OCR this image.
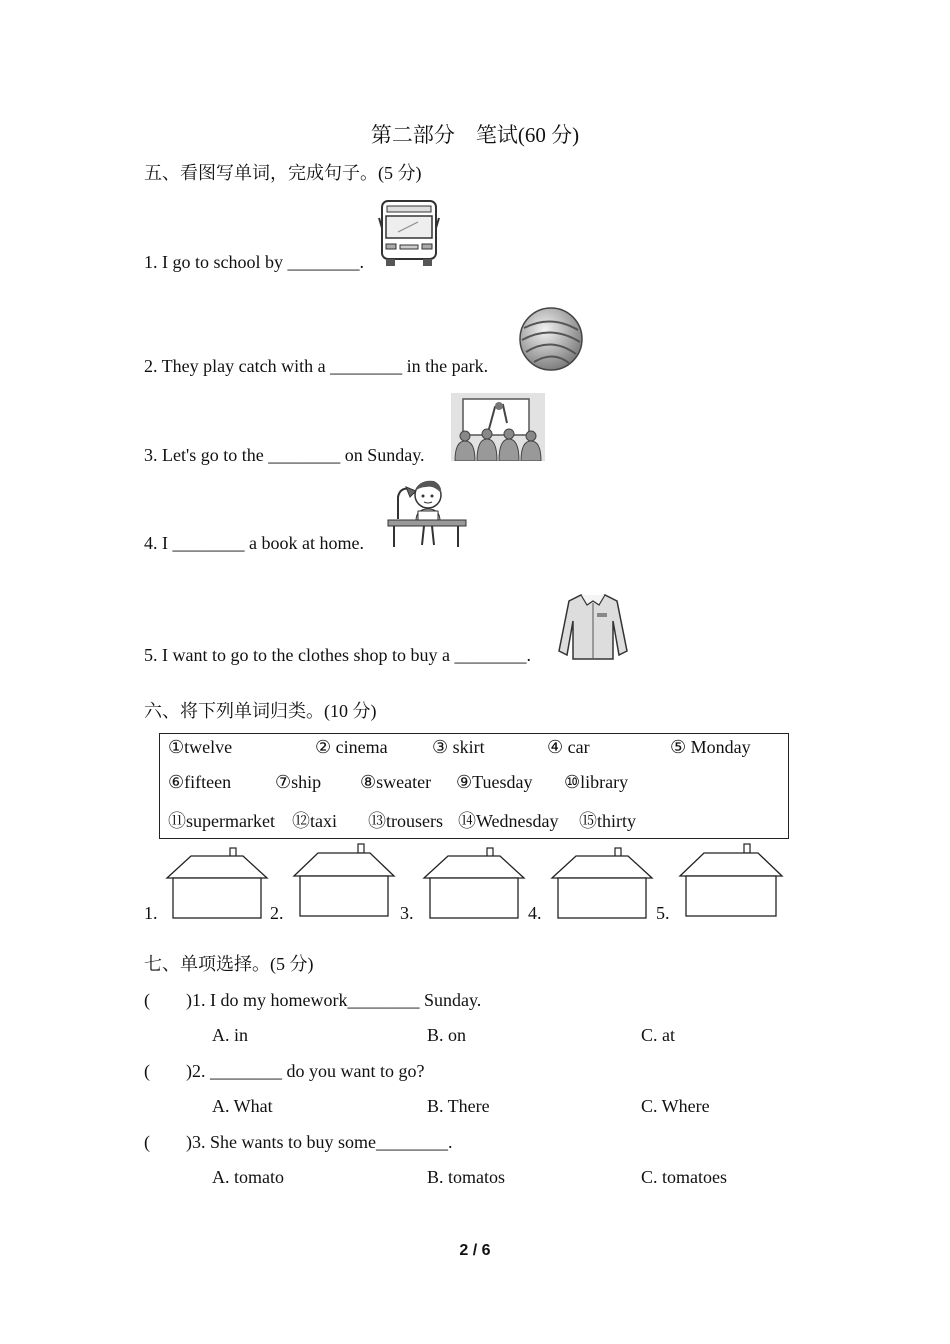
第二部分　笔试(60 分)
五、看图写单词，完成句子。(5 分)
1. I go to school by ________.
2. They play catch with a ________ in the park.
3. Let's go to the ________ on Sunday.
4. I ________ a book at home.
5. I want to go to the clothes shop to buy a ________.
六、将下列单词归类。(10 分)
①twelve	② cinema ③ skirt	④ car	⑤ Monday
⑥fifteen ⑦ship ⑧sweater ⑨Tuesday ⑩library
⑪supermarket ⑫taxi ⑬trousers ⑭Wednesday ⑮thirty
1.	2.	3.	4.	5.
七、单项选择。(5 分)
(　　)1. I do my homework________ Sunday.
A. in	B. on	C. at
(　　)2. ________ do you want to go?
A. What	B. There	C. Where
(　　)3. She wants to buy some________.
A. tomato	B. tomatos	C. tomatoes
2 / 6
